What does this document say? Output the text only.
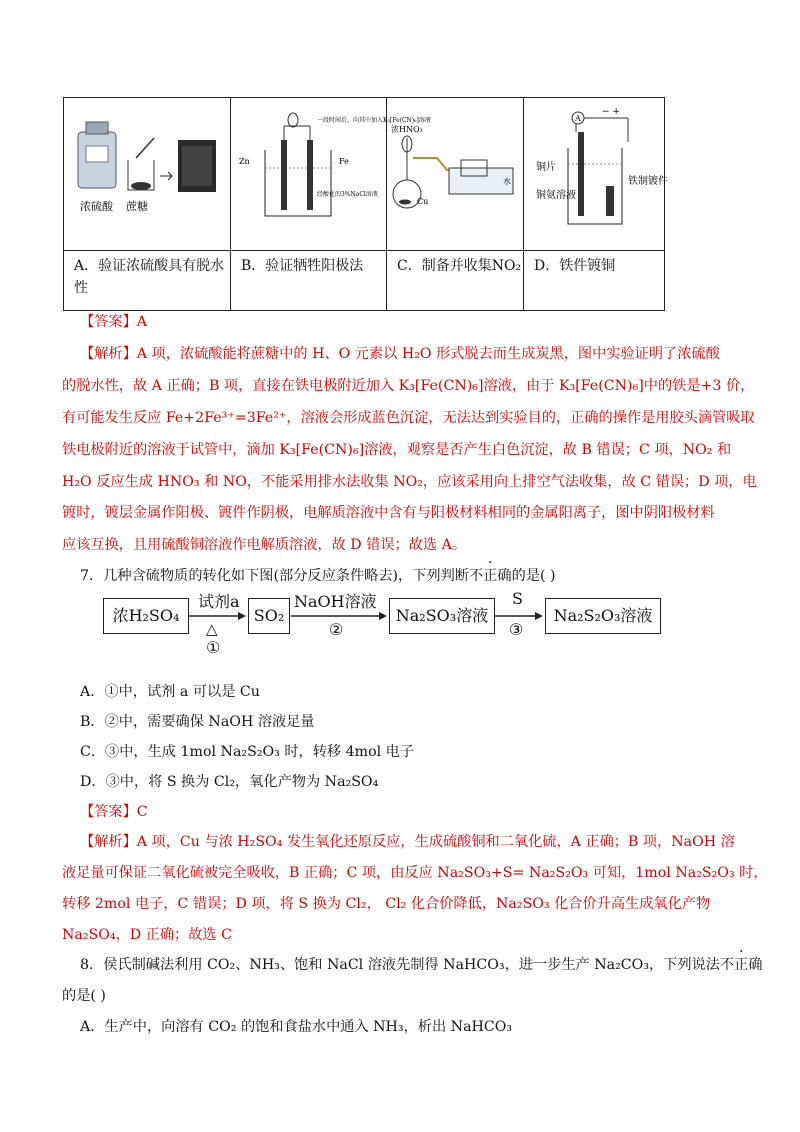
浓硫酸 蔗糖	Zn Fe
一段时间后，向其中加入K₃[Fe(CN)₆]溶液
经酸化的3%NaCl溶液	浓HNO₃
Cu
水	A
− +
铜片
铜氨溶液
铁制镀件

A．验证浓硫酸具有脱水性	B．验证牺牲阳极法	C．制备并收集NO₂	D．铁件镀铜
【答案】A
【解析】A 项，浓硫酸能将蔗糖中的 H、O 元素以 H₂O 形式脱去而生成炭黑，图中实验证明了浓硫酸
的脱水性，故 A 正确；B 项，直接在铁电极附近加入 K₃[Fe(CN)₆]溶液，由于 K₃[Fe(CN)₆]中的铁是+3 价，
有可能发生反应 Fe+2Fe³⁺=3Fe²⁺，溶液会形成蓝色沉淀，无法达到实验目的，正确的操作是用胶头滴管吸取
铁电极附近的溶液于试管中，滴加 K₃[Fe(CN)₆]溶液，观察是否产生白色沉淀，故 B 错误；C 项，NO₂ 和
H₂O 反应生成 HNO₃ 和 NO，不能采用排水法收集 NO₂，应该采用向上排空气法收集，故 C 错误；D 项，电
镀时，镀层金属作阳极、镀件作阴极，电解质溶液中含有与阳极材料相同的金属阳离子，图中阴阳极材料
应该互换，且用硫酸铜溶液作电解质溶液，故 D 错误；故选 A。
7．几种含硫物质的转化如下图(部分反应条件略去)，下列判断不正确的是( )
浓H₂SO₄	SO₂	Na₂SO₃溶液	Na₂S₂O₃溶液
试剂a
△
①
NaOH溶液
②
S
③
A．①中，试剂 a 可以是 Cu
B．②中，需要确保 NaOH 溶液足量
C．③中，生成 1mol Na₂S₂O₃ 时，转移 4mol 电子
D．③中，将 S 换为 Cl₂，氧化产物为 Na₂SO₄
【答案】C
【解析】A 项，Cu 与浓 H₂SO₄ 发生氧化还原反应，生成硫酸铜和二氧化硫，A 正确；B 项，NaOH 溶
液足量可保证二氧化硫被完全吸收，B 正确；C 项，由反应 Na₂SO₃+S= Na₂S₂O₃ 可知，1mol Na₂S₂O₃ 时，
转移 2mol 电子，C 错误；D 项，将 S 换为 Cl₂， Cl₂ 化合价降低，Na₂SO₃ 化合价升高生成氧化产物
Na₂SO₄，D 正确；故选 C
8．侯氏制碱法利用 CO₂、NH₃、饱和 NaCl 溶液先制得 NaHCO₃，进一步生产 Na₂CO₃，下列说法不正确
的是( )
A．生产中，向溶有 CO₂ 的饱和食盐水中通入 NH₃，析出 NaHCO₃
